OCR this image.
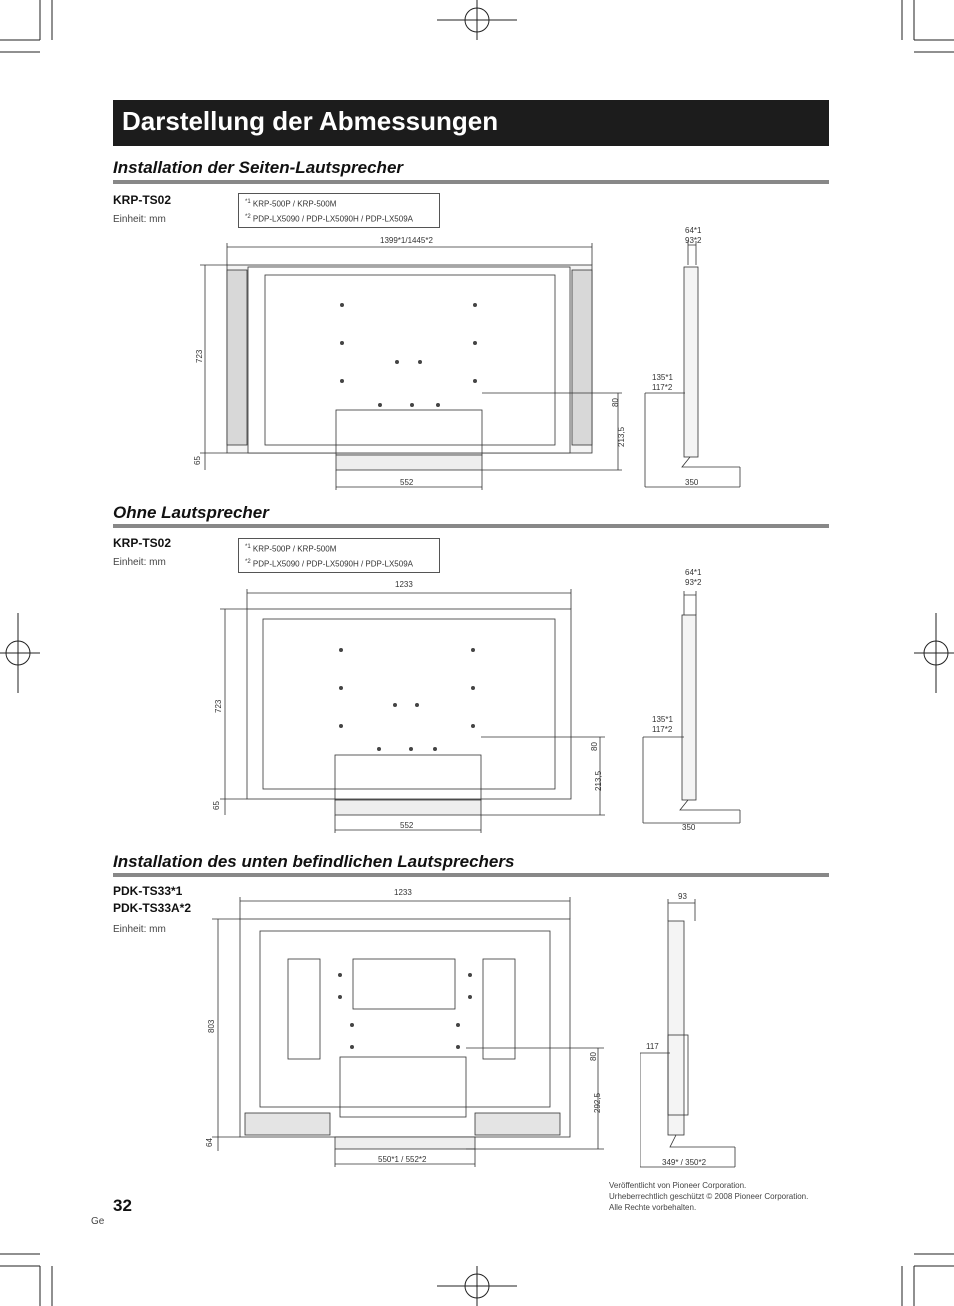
Darstellung der Abmessungen
Installation der Seiten-Lautsprecher
KRP-TS02
Einheit: mm
$^{*1}$ KRP-500P / KRP-500M
$^{*2}$ PDP-LX5090 / PDP-LX5090H / PDP-LX509A
1399*1/1445*2
723
65
552
80
213,5
64*1
93*2
135*1
117*2
350
Ohne Lautsprecher
KRP-TS02
Einheit: mm
$^{*1}$ KRP-500P / KRP-500M
$^{*2}$ PDP-LX5090 / PDP-LX5090H / PDP-LX509A
1233
723
65
552
80
213,5
64*1
93*2
135*1
117*2
350
Installation des unten befindlichen Lautsprechers
PDK-TS33*1
PDK-TS33A*2
Einheit: mm
1233
803
64
550*1 / 552*2
80
292,5
93
117
349* / 350*2
32
Ge
Veröffentlicht von Pioneer Corporation.
Urheberrechtlich geschützt © 2008 Pioneer Corporation.
Alle Rechte vorbehalten.
